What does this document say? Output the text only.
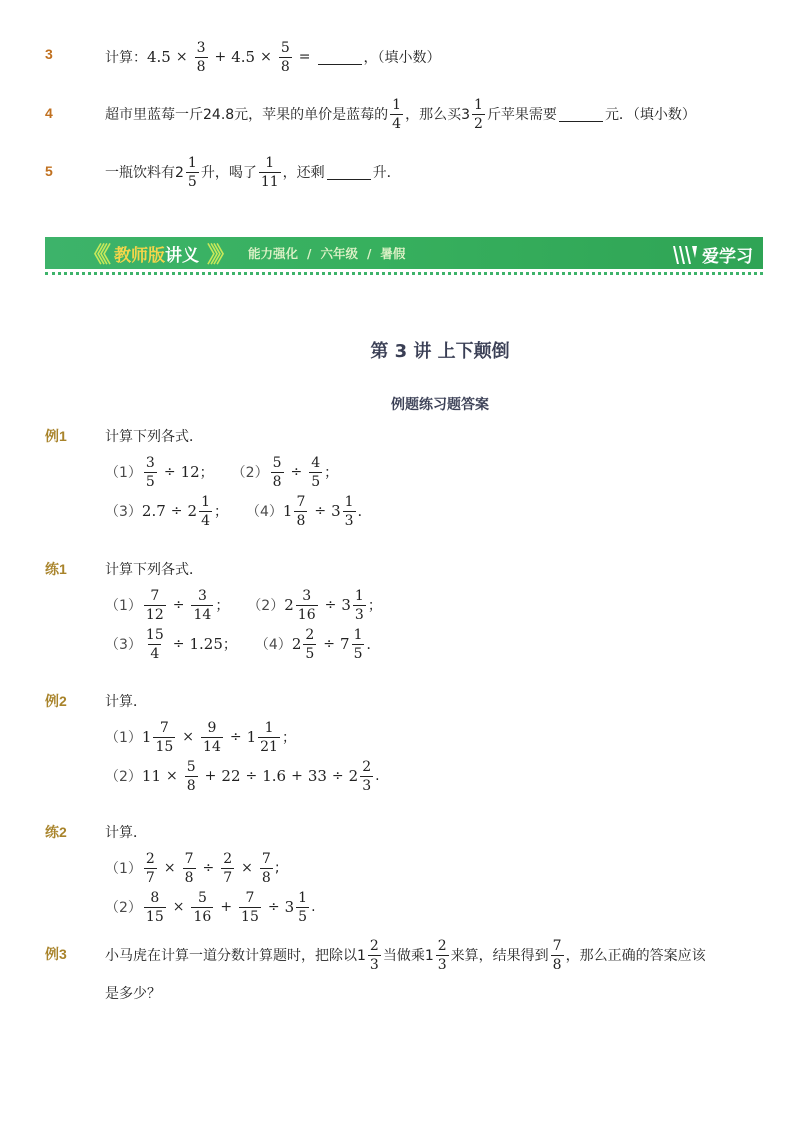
3	计算： $4.5 \times \frac{3}{8} + 4.5 \times \frac{5}{8}$ =	，（填小数）
4	超市里蓝莓一斤24.8元，苹果的单价是蓝莓的 $\frac{1}{4}$ ，那么买$3 \frac{1}{2}$ 斤苹果需要	元．（填小数）
5	一瓶饮料有$2 \frac{1}{5}$ 升，喝了 $\frac{1}{11}$ ，还剩	升．
《《 教师版讲义 》》 能力强化 / 六年级 / 暑假	爱学习
第 3 讲 上下颠倒
例题练习题答案
例1	计算下列各式．
$(1) \frac{3}{5} \div 12$ ； $(2) \frac{5}{8} \div \frac{4}{5}$ ；
（3） $2.7 \div 2 \frac{1}{4}$ ； （4） $1 \frac{7}{8} \div 3 \frac{1}{3}$ ．
练1	计算下列各式．
$(1) \frac{7}{12} \div \frac{3}{14}$ ； （2） $2 \frac{3}{16} \div 3 \frac{1}{3}$ ；
$(3) \frac{15}{4} \div 1.25$ ； （4） $2 \frac{2}{5} \div 7 \frac{1}{5}$ ．
例2	计算．
（1） $1 \frac{7}{15} \times \frac{9}{14} \div 1 \frac{1}{21}$ ；
（2） $11 \times \frac{5}{8} + 22 \div 1.6 + 33 \div 2 \frac{2}{3}$ .
练2	计算．
$(1) \frac{2}{7} \times \frac{7}{8} \div \frac{2}{7} \times \frac{7}{8}$ ;
$(2) \frac{8}{15} \times \frac{5}{16} + \frac{7}{15} \div 3 \frac{1}{5}$ .
例3	小马虎在计算一道分数计算题时，把除以$1 \frac{2}{3}$ 当做乘$1 \frac{2}{3}$ 来算，结果得到 $\frac{7}{8}$ ，那么正确的答案应该
是多少？
